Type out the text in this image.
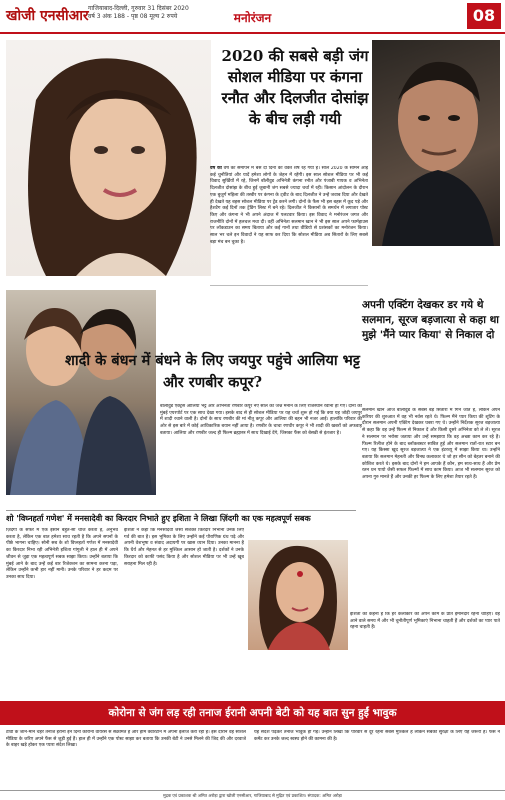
खोजी एनसीआर गाजियाबाद-दिल्ली, गुरुवार 31 दिसंबर 2020
वर्ष 3 अंक 188 - पृष्ठ 08 मूल्य 2 रुपये	मनोरंजन	08
2020 की सबसे बड़ी जंग सोशल मीडिया पर कंगना रनौत और दिलजीत दोसांझ के बीच लड़ी गयी
वर्ष का वर्ष का समापन में बस दो दिनों का वक्त शेष रह गया है। साल 2020 के सामने आई कई चुनौतियां और यादें हमेशा लोगों के जेहन में रहेंगी। इस साल सोशल मीडिया पर भी कई विवाद सुर्खियों में रहे, जिनमें बॉलीवुड अभिनेत्री कंगना रनौत और पंजाबी गायक व अभिनेता दिलजीत दोसांझ के बीच हुई जुबानी जंग सबसे ज्यादा चर्चा में रही। किसान आंदोलन के दौरान एक बुजुर्ग महिला की तस्वीर पर कंगना के ट्वीट के बाद दिलजीत ने उन्हें जवाब दिया और देखते ही देखते यह बहस सोशल मीडिया पर ट्रेंड करने लगी। दोनों के फैंस भी इस बहस में कूद पड़े और हैशटैग कई दिनों तक ट्रेंडिंग लिस्ट में बने रहे। दिलजीत ने किसानों के समर्थन में लगातार पोस्ट किए और कंगना ने भी अपने अंदाज में पलटवार किया। इस विवाद ने मनोरंजन जगत और राजनीति दोनों में हलचल मचा दी। वहीं अभिनेता सलमान खान ने भी इस साल अपने फार्महाउस पर लॉकडाउन का समय बिताया और कई गानों तथा वीडियो से प्रशंसकों का मनोरंजन किया। साल भर चले इन विवादों ने यह साफ कर दिया कि सोशल मीडिया अब सितारों के लिए सबसे बड़ा मंच बन चुका है।
शादी के बंधन में बंधने के लिए जयपुर पहुंचे आलिया भट्ट और रणबीर कपूर?
बॉलीवुड एक्ट्रेस आलिया भट्ट और अभिनेता रणबीर कपूर नए साल का जश्न मनाने के लिए राजस्थान रवाना हो गए। दोनों को मुंबई एयरपोर्ट पर एक साथ देखा गया। इसके बाद से ही सोशल मीडिया पर यह चर्चा शुरू हो गई कि क्या यह जोड़ी जयपुर में शादी रचाने वाली है। दोनों के साथ रणबीर की मां नीतू कपूर और आलिया की बहन भी नजर आईं। हालांकि परिवार की ओर से इस बारे में कोई आधिकारिक बयान नहीं आया है। रणबीर के चाचा रणधीर कपूर ने भी शादी की खबरों को अफवाह बताया। आलिया और रणबीर जल्द ही फिल्म ब्रह्मास्त्र में साथ दिखाई देंगे, जिसका फैंस को बेसब्री से इंतजार है।
अपनी एक्टिंग देखकर डर गये थे सलमान, सूरज बड़जात्या से कहा था मुझे 'मैंने प्यार किया' से निकाल दो
सलमान खान आज बॉलीवुड के सबसे बड़े सितारों में गिने जाते हैं, लेकिन अपने करियर की शुरुआत में वह भी नर्वस रहते थे। फिल्म मैंने प्यार किया की शूटिंग के दौरान सलमान अपनी एक्टिंग देखकर घबरा गए थे। उन्होंने निर्देशक सूरज बड़जात्या से कहा कि वह उन्हें फिल्म से निकाल दें और किसी दूसरे अभिनेता को ले लें। सूरज ने सलमान पर भरोसा जताया और उन्हें समझाया कि वह अच्छा काम कर रहे हैं। फिल्म रिलीज होने के बाद ब्लॉकबस्टर साबित हुई और सलमान रातों-रात स्टार बन गए। यह किस्सा खुद सूरज बड़जात्या ने एक इंटरव्यू में साझा किया था। उन्होंने बताया कि सलमान मेहनती और विनम्र कलाकार थे जो हर सीन को बेहतर बनाने की कोशिश करते थे। इसके बाद दोनों ने हम आपके हैं कौन, हम साथ-साथ हैं और प्रेम रतन धन पायो जैसी सफल फिल्मों में साथ काम किया। आज भी सलमान सूरज को अपना गुरु मानते हैं और उनकी हर फिल्म के लिए हमेशा तैयार रहते हैं।
शो 'विघ्नहर्ता गणेश' में मनसादेवी का किरदार निभाते हुए इशिता ने लिखा ज़िंदगी का एक महत्वपूर्ण सबक
ज़िंदगी के सफर में एक इंसान बहुत-सी चीजें करता है, अनुभव करता है, लेकिन एक बात हमेशा साथ रहती है कि अपने सपनों के पीछे भागना चाहिए। सोनी सब के शो विघ्नहर्ता गणेश में मनसादेवी का किरदार निभा रही अभिनेत्री इशिता गांगुली ने हाल ही में अपने जीवन से जुड़ा एक महत्वपूर्ण सबक साझा किया। उन्होंने बताया कि मुंबई आने के बाद उन्हें कई बार रिजेक्शन का सामना करना पड़ा, लेकिन उन्होंने कभी हार नहीं मानी। उनके परिवार ने हर कदम पर उनका साथ दिया।
इशिता ने कहा कि मनसादेवी जैसा सशक्त किरदार निभाना उनके लिए गर्व की बात है। इस भूमिका के लिए उन्होंने कई पौराणिक ग्रंथ पढ़े और अपनी वेशभूषा व संवाद अदायगी पर खास ध्यान दिया। उनका मानना है कि धैर्य और मेहनत से हर मुश्किल आसान हो जाती है। दर्शकों ने उनके किरदार को काफी पसंद किया है और सोशल मीडिया पर भी उन्हें खूब सराहना मिल रही है।
इशिता का कहना है कि हर कलाकार को अपने काम के प्रति ईमानदार रहना चाहिए। वह आने वाले समय में और भी चुनौतीपूर्ण भूमिकाएं निभाना चाहती हैं और दर्शकों का प्यार पाते रहना चाहती हैं।
कोरोना से जंग लड़ रही तनाज ईरानी अपनी बेटी को यह बात सुन हुईं भावुक
टीवी के जाने-माने चेहरे तनाज ईरानी इन दिनों कोरोना वायरस से संक्रमित हैं और होम क्वारंटीन में अपना इलाज करा रही हैं। इस दौरान वह सोशल मीडिया के जरिए अपने फैंस से जुड़ी हुई हैं। हाल ही में उन्होंने एक पोस्ट साझा कर बताया कि उनकी बेटी ने उनसे मिलने की जिद की और दरवाजे के बाहर खड़े होकर एक प्यारा संदेश लिखा।
यह संदेश पढ़कर तनाज भावुक हो गईं। उन्होंने लिखा कि परिवार से दूर रहना सबसे मुश्किल है लेकिन सबकी सुरक्षा के लिए यह जरूरी है। फैंस ने कमेंट कर उनके जल्द स्वस्थ होने की कामना की है।
मुद्रक एवं प्रकाशक श्री अमित अरोड़ा द्वारा खोजी एनसीआर, गाजियाबाद से मुद्रित एवं प्रकाशित। संपादक: अमित अरोड़ा
